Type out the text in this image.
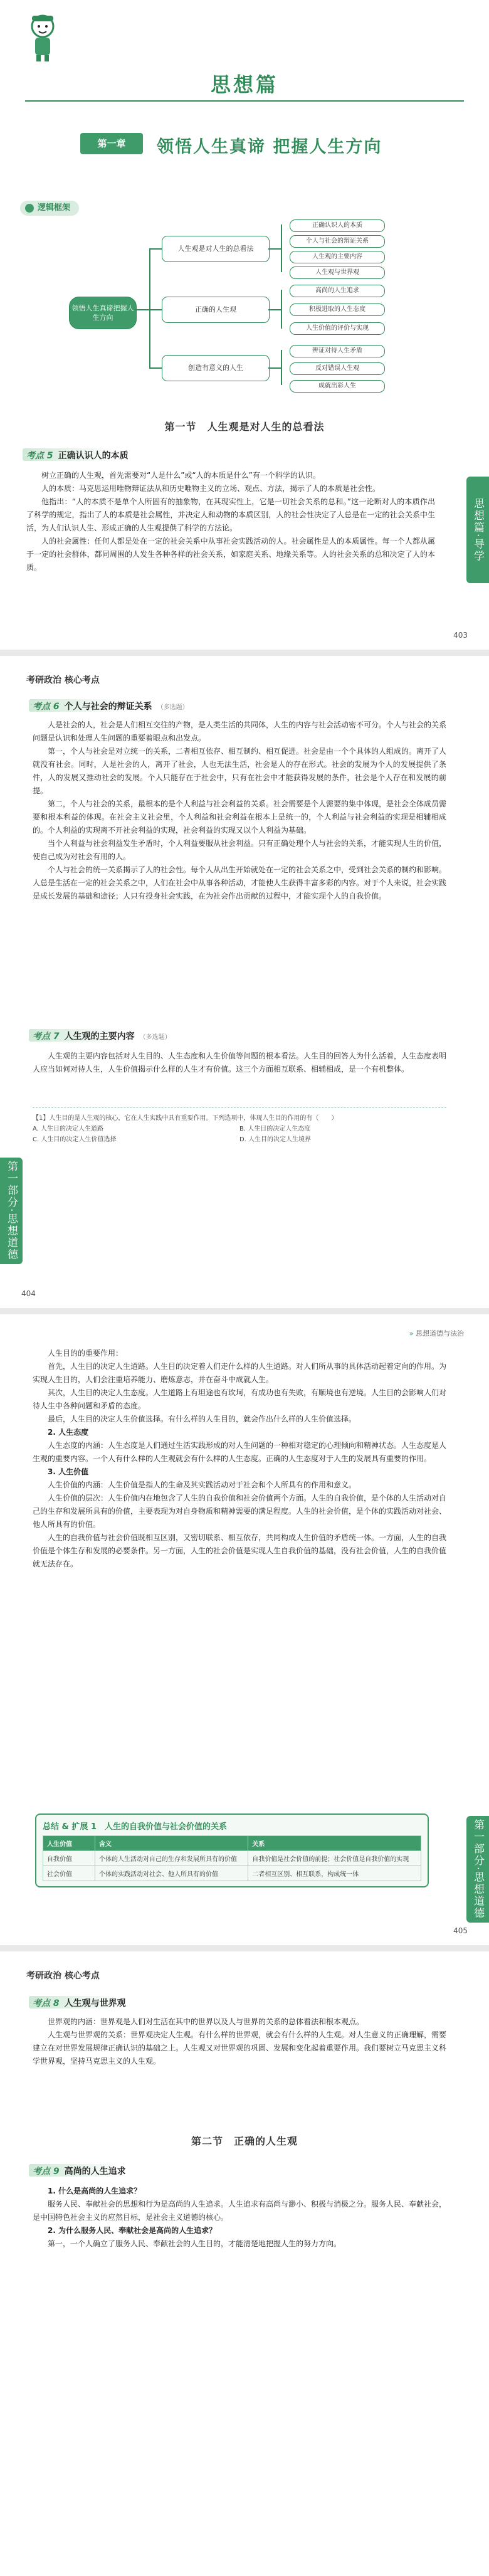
思想篇
第一章	领悟人生真谛 把握人生方向
逻辑框架
领悟人生真谛把握人生方向
人生观是对人生的总看法
正确的人生观
创造有意义的人生
正确认识人的本质
个人与社会的辩证关系
人生观的主要内容
人生观与世界观
高尚的人生追求
积极进取的人生态度
人生价值的评价与实现
辨证对待人生矛盾
反对错误人生观
成就出彩人生
第一节　人生观是对人生的总看法
考点 5 正确认识人的本质

树立正确的人生观，首先需要对“人是什么”或“人的本质是什么”有一个科学的认识。

人的本质：马克思运用唯物辩证法从和历史唯物主义的立场、观点、方法，揭示了人的本质是社会性。

他指出：“人的本质不是单个人所固有的抽象物，在其现实性上，它是一切社会关系的总和。”这一论断对人的本质作出了科学的规定，指出了人的本质是社会属性，并决定人和动物的本质区别，人的社会性决定了人总是在一定的社会关系中生活，为人们认识人生、形成正确的人生观提供了科学的方法论。

人的社会属性：任何人都是处在一定的社会关系中从事社会实践活动的人。社会属性是人的本质属性。每一个人都从属于一定的社会群体，都同周围的人发生各种各样的社会关系，如家庭关系、地缘关系等。人的社会关系的总和决定了人的本质。

思想篇·导学
403
考研政治 核心考点
考点 6 个人与社会的辩证关系 （多选题）

人是社会的人，社会是人们相互交往的产物，是人类生活的共同体，人生的内容与社会活动密不可分。个人与社会的关系问题是认识和处理人生问题的重要着眼点和出发点。

第一，个人与社会是对立统一的关系，二者相互依存、相互制约、相互促进。社会是由一个个具体的人组成的。离开了人就没有社会。同时，人是社会的人，离开了社会，人也无法生活，社会是人的存在形式。社会的发展为个人的发展提供了条件，人的发展又推动社会的发展。个人只能存在于社会中，只有在社会中才能获得发展的条件，社会是个人存在和发展的前提。

第二，个人与社会的关系，最根本的是个人利益与社会利益的关系。社会需要是个人需要的集中体现，是社会全体成员需要和根本利益的体现。在社会主义社会里，个人利益和社会利益在根本上是统一的，个人利益与社会利益的实现是相辅相成的。个人利益的实现离不开社会利益的实现，社会利益的实现又以个人利益为基础。

当个人利益与社会利益发生矛盾时，个人利益要服从社会利益。只有正确处理个人与社会的关系，才能实现人生的价值，使自己成为对社会有用的人。

个人与社会的统一关系揭示了人的社会性。每个人从出生开始就处在一定的社会关系之中，受到社会关系的制约和影响。人总是生活在一定的社会关系之中，人们在社会中从事各种活动，才能使人生获得丰富多彩的内容。对于个人来说，社会实践是成长发展的基础和途径；人只有投身社会实践，在为社会作出贡献的过程中，才能实现个人的自我价值。

考点 7 人生观的主要内容 （多选题）

人生观的主要内容包括对人生目的、人生态度和人生价值等问题的根本看法。人生目的回答人为什么活着，人生态度表明人应当如何对待人生，人生价值揭示什么样的人生才有价值。这三个方面相互联系、相辅相成，是一个有机整体。

【1】人生目的是人生观的核心，它在人生实践中具有重要作用。下列选项中，体现人生目的作用的有（　　）

A. 人生目的决定人生道路	B. 人生目的决定人生态度

C. 人生目的决定人生价值选择	D. 人生目的决定人生境界

第一部分·思想道德
404
» 思想道德与法治

人生目的的重要作用：

首先，人生目的决定人生道路。人生目的决定着人们走什么样的人生道路。对人们所从事的具体活动起着定向的作用。为实现人生目的，人们会注重培养能力、磨炼意志，并在奋斗中成就人生。

其次，人生目的决定人生态度。人生道路上有坦途也有坎坷，有成功也有失败，有顺境也有逆境。人生目的会影响人们对待人生中各种问题和矛盾的态度。

最后，人生目的决定人生价值选择。有什么样的人生目的，就会作出什么样的人生价值选择。

2. 人生态度

人生态度的内涵：人生态度是人们通过生活实践形成的对人生问题的一种相对稳定的心理倾向和精神状态。人生态度是人生观的重要内容。一个人有什么样的人生观就会有什么样的人生态度。正确的人生态度对于人生的发展具有重要的作用。

3. 人生价值

人生价值的内涵：人生价值是指人的生命及其实践活动对于社会和个人所具有的作用和意义。

人生价值的层次：人生价值内在地包含了人生的自我价值和社会价值两个方面。人生的自我价值，是个体的人生活动对自己的生存和发展所具有的价值，主要表现为对自身物质和精神需要的满足程度。人生的社会价值，是个体的实践活动对社会、他人所具有的价值。

人生的自我价值与社会价值既相互区别，又密切联系、相互依存，共同构成人生价值的矛盾统一体。一方面，人生的自我价值是个体生存和发展的必要条件。另一方面，人生的社会价值是实现人生自我价值的基础，没有社会价值，人生的自我价值就无法存在。

总结 & 扩展 1　人生的自我价值与社会价值的关系
人生价值	含义	关系
自我价值	个体的人生活动对自己的生存和发展所具有的价值	自我价值是社会价值的前提；社会价值是自我价值的实现
社会价值	个体的实践活动对社会、他人所具有的价值	二者相互区别、相互联系，构成统一体	第一部分·思想道德
405
考研政治 核心考点
考点 8 人生观与世界观

世界观的内涵：世界观是人们对生活在其中的世界以及人与世界的关系的总体看法和根本观点。

人生观与世界观的关系：世界观决定人生观。有什么样的世界观，就会有什么样的人生观。对人生意义的正确理解，需要建立在对世界发展规律正确认识的基础之上。人生观又对世界观的巩固、发展和变化起着重要作用。我们要树立马克思主义科学世界观，坚持马克思主义的人生观。

第二节　正确的人生观
考点 9 高尚的人生追求

1. 什么是高尚的人生追求？

服务人民、奉献社会的思想和行为是高尚的人生追求。人生追求有高尚与渺小、积极与消极之分。服务人民、奉献社会，是中国特色社会主义的应然目标，是社会主义道德的核心。

2. 为什么服务人民、奉献社会是高尚的人生追求？

第一，一个人确立了服务人民、奉献社会的人生目的，才能清楚地把握人生的努力方向。
